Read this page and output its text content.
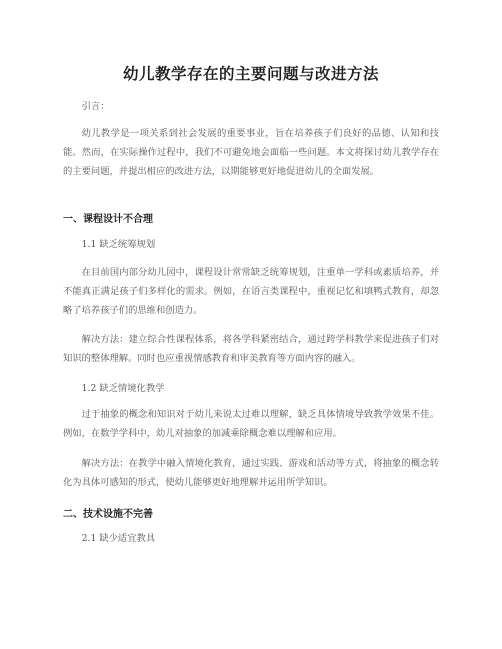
幼儿教学存在的主要问题与改进方法

引言：

幼儿教学是一项关系到社会发展的重要事业，旨在培养孩子们良好的品德、认知和技能。然而，在实际操作过程中，我们不可避免地会面临一些问题。本文将探讨幼儿教学存在的主要问题，并提出相应的改进方法，以期能够更好地促进幼儿的全面发展。

一、课程设计不合理

1.1 缺乏统筹规划

在目前国内部分幼儿园中，课程设计常常缺乏统筹规划，注重单一学科或素质培养，并不能真正满足孩子们多样化的需求。例如，在语言类课程中，重视记忆和填鸭式教育，却忽略了培养孩子们的思维和创造力。

解决方法：建立综合性课程体系，将各学科紧密结合，通过跨学科教学来促进孩子们对知识的整体理解。同时也应重视情感教育和审美教育等方面内容的融入。

1.2 缺乏情境化教学

过于抽象的概念和知识对于幼儿来说太过难以理解，缺乏具体情境导致教学效果不佳。例如，在数学学科中，幼儿对抽象的加减乘除概念难以理解和应用。

解决方法：在教学中融入情境化教育，通过实践、游戏和活动等方式，将抽象的概念转化为具体可感知的形式，使幼儿能够更好地理解并运用所学知识。

二、技术设施不完善

2.1 缺少适宜教具
